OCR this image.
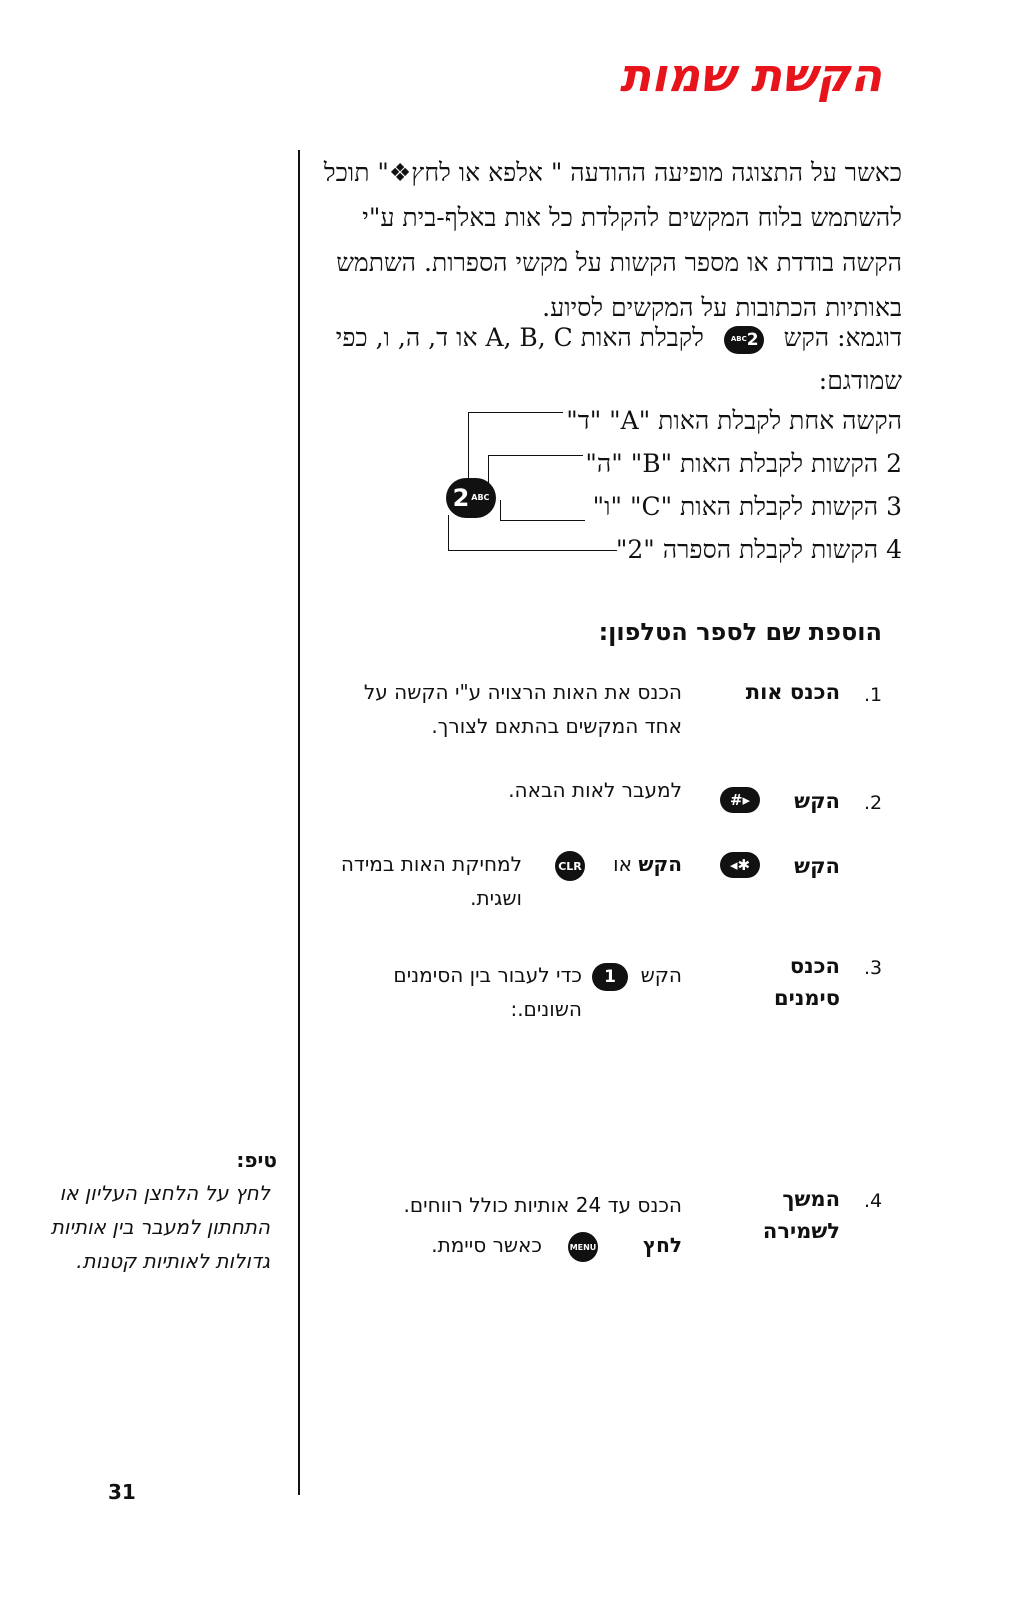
הקשת שמות
כאשר על התצוגה מופיעה ההודעה " אלפא או לחץ❖" תוכל להשתמש בלוח המקשים להקלדת כל אות באלף-בית ע"י הקשה בודדת או מספר הקשות על מקשי הספרות. השתמש באותיות הכתובות על המקשים לסיוע.
דוגמא: הקש
2
ABC
לקבלת האות A, B, C או ד, ה, ו, כפי
שמודגם:
הקשה אחת לקבלת האות "A" "ד"
2 הקשות לקבלת האות "B" "ה"
3 הקשות לקבלת האות "C" "ו"
4 הקשות לקבלת הספרה "2"
2 ABC
הוספת שם לספר הטלפון:
.1
הכנס אות
הכנס את האות הרצויה ע"י הקשה על אחד המקשים בהתאם לצורך.
.2
הקש
#▸
למעבר לאות הבאה.
הקש
◂✱
הקש או
CLR
למחיקת האות במידה ושגית.
.3
הכנס סימנים
הקש
1
כדי לעבור בין הסימנים השונים.:
.4
המשך לשמירה
הכנס עד 24 אותיות כולל רווחים.
לחץ
MENU
כאשר סיימת.
טיפ:
לחץ על הלחצן העליון או התחתון למעבר בין אותיות גדולות לאותיות קטנות.
31
